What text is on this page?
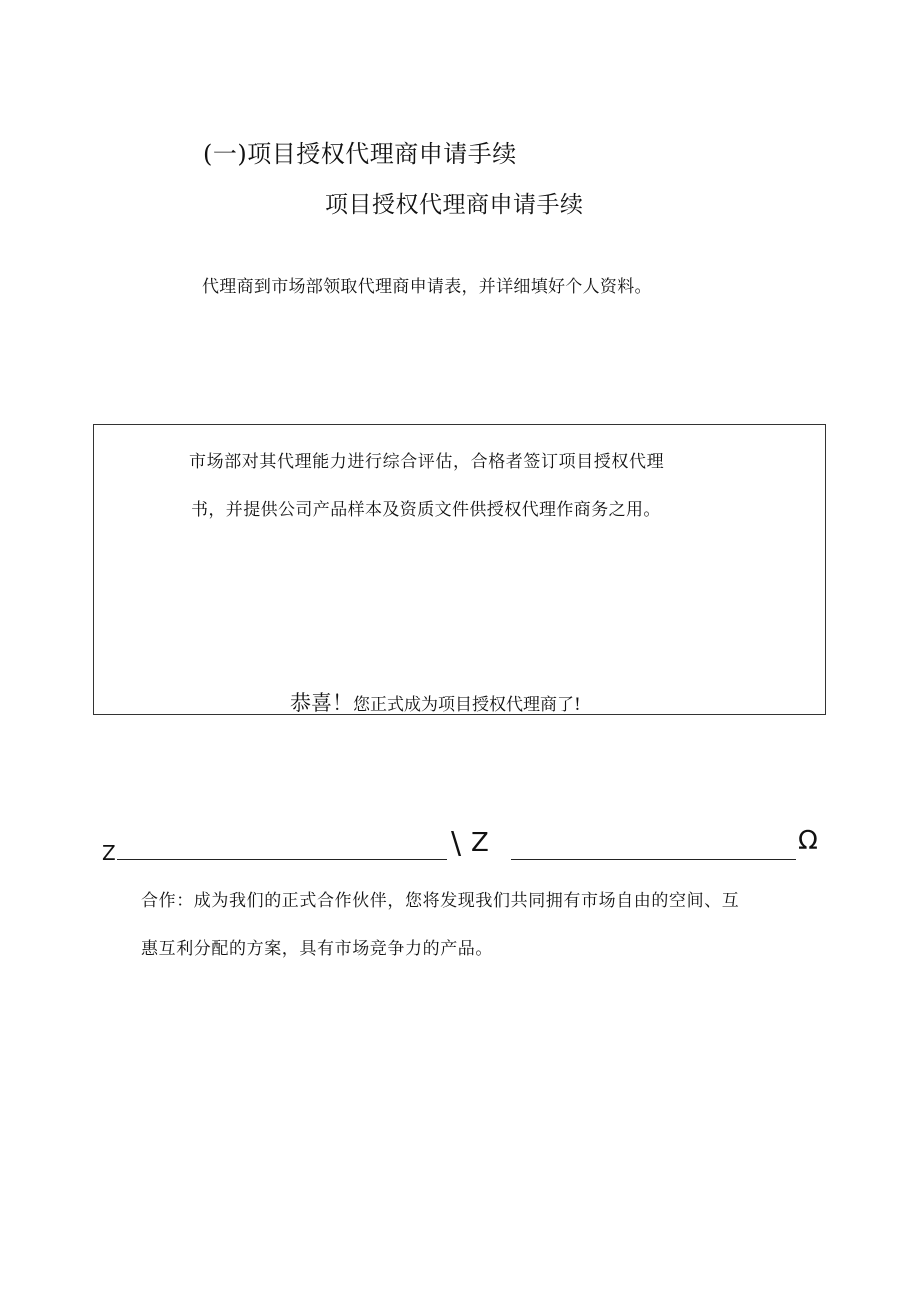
(一)项目授权代理商申请手续
项目授权代理商申请手续
代理商到市场部领取代理商申请表，并详细填好个人资料。
市场部对其代理能力进行综合评估，合格者签订项目授权代理
书，并提供公司产品样本及资质文件供授权代理作商务之用。
恭喜！您正式成为项目授权代理商了!
Z	\ Z	Ω
合作：成为我们的正式合作伙伴，您将发现我们共同拥有市场自由的空间、互
惠互利分配的方案，具有市场竞争力的产品。
